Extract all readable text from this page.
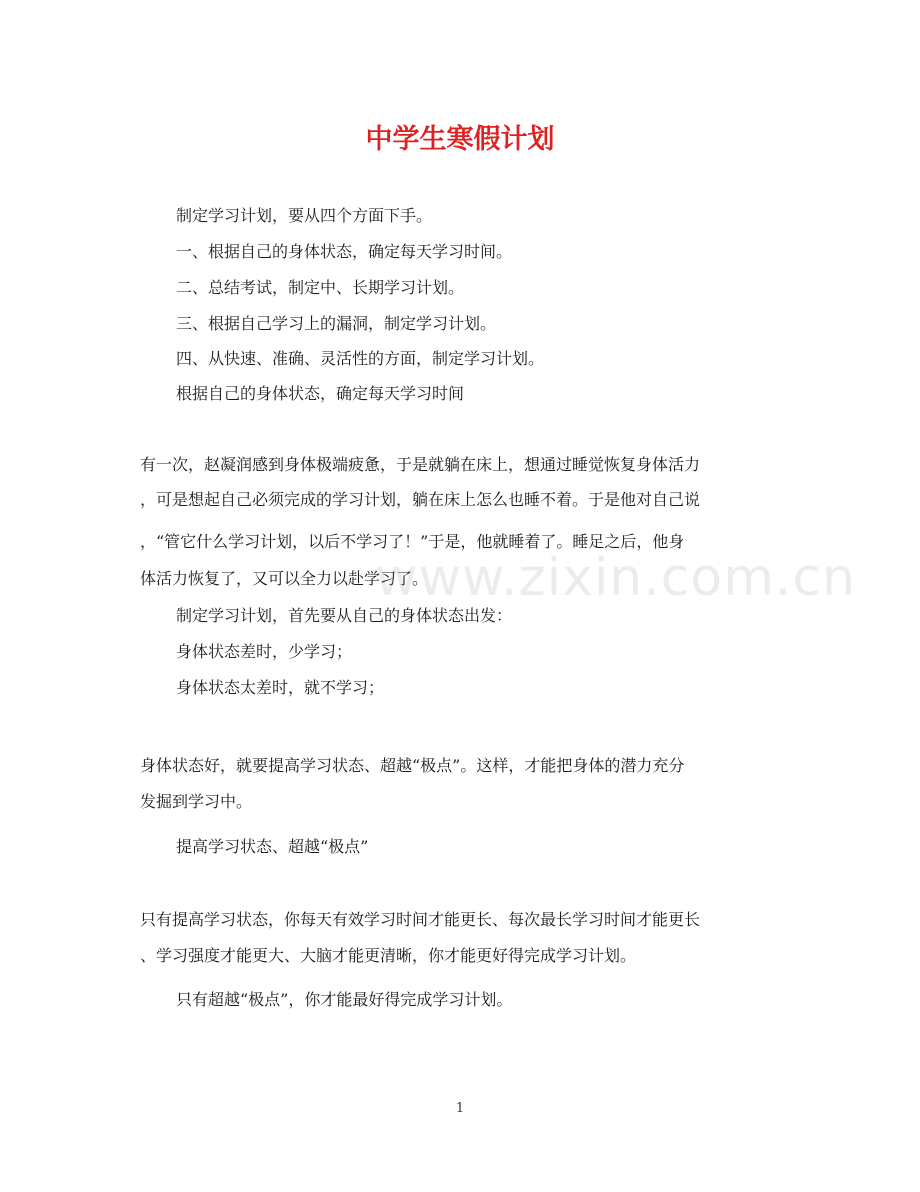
中学生寒假计划
制定学习计划，要从四个方面下手。
一、根据自己的身体状态，确定每天学习时间。
二、总结考试，制定中、长期学习计划。
三、根据自己学习上的漏洞，制定学习计划。
四、从快速、准确、灵活性的方面，制定学习计划。
根据自己的身体状态，确定每天学习时间
有一次，赵凝润感到身体极端疲惫，于是就躺在床上，想通过睡觉恢复身体活力
，可是想起自己必须完成的学习计划，躺在床上怎么也睡不着。于是他对自己说
，“管它什么学习计划，以后不学习了！”于是，他就睡着了。睡足之后，他身
体活力恢复了，又可以全力以赴学习了。
制定学习计划，首先要从自己的身体状态出发：
身体状态差时，少学习；
身体状态太差时，就不学习；
身体状态好，就要提高学习状态、超越“极点”。这样，才能把身体的潜力充分
发掘到学习中。
提高学习状态、超越“极点”
只有提高学习状态，你每天有效学习时间才能更长、每次最长学习时间才能更长
、学习强度才能更大、大脑才能更清晰，你才能更好得完成学习计划。
只有超越“极点”，你才能最好得完成学习计划。
www.zixin.com.cn
1
